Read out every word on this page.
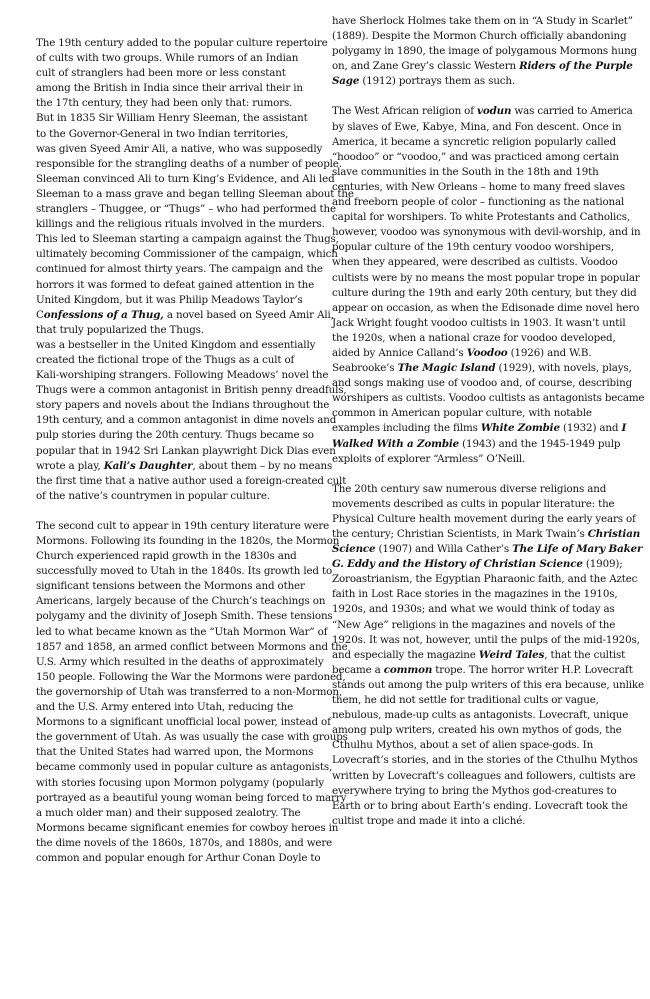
The 19th century added to the popular culture repertoire
of cults with two groups. While rumors of an Indian
cult of stranglers had been more or less constant
among the British in India since their arrival their in
the 17th century, they had been only that: rumors.
But in 1835 Sir William Henry Sleeman, the assistant
to the Governor-General in two Indian territories,
was given Syeed Amir Ali, a native, who was supposedly
responsible for the strangling deaths of a number of people.
Sleeman convinced Ali to turn King’s Evidence, and Ali led
Sleeman to a mass grave and began telling Sleeman about the
stranglers – Thuggee, or “Thugs” – who had performed the
killings and the religious rituals involved in the murders.
This led to Sleeman starting a campaign against the Thugs,
ultimately becoming Commissioner of the campaign, which
continued for almost thirty years. The campaign and the
horrors it was formed to defeat gained attention in the
United Kingdom, but it was Philip Meadows Taylor’s
Confessions of a Thug, a novel based on Syeed Amir Ali,
that truly popularized the Thugs.
was a bestseller in the United Kingdom and essentially
created the fictional trope of the Thugs as a cult of
Kali-worshiping strangers. Following Meadows’ novel the
Thugs were a common antagonist in British penny dreadfuls,
story papers and novels about the Indians throughout the
19th century, and a common antagonist in dime novels and
pulp stories during the 20th century. Thugs became so
popular that in 1942 Sri Lankan playwright Dick Dias even
wrote a play, Kali’s Daughter, about them – by no means
the first time that a native author used a foreign-created cult
of the native’s countrymen in popular culture.

The second cult to appear in 19th century literature were
Mormons. Following its founding in the 1820s, the Mormon
Church experienced rapid growth in the 1830s and
successfully moved to Utah in the 1840s. Its growth led to
significant tensions between the Mormons and other
Americans, largely because of the Church’s teachings on
polygamy and the divinity of Joseph Smith. These tensions
led to what became known as the “Utah Mormon War” of
1857 and 1858, an armed conflict between Mormons and the
U.S. Army which resulted in the deaths of approximately
150 people. Following the War the Mormons were pardoned,
the governorship of Utah was transferred to a non-Mormon,
and the U.S. Army entered into Utah, reducing the
Mormons to a significant unofficial local power, instead of
the government of Utah. As was usually the case with groups
that the United States had warred upon, the Mormons
became commonly used in popular culture as antagonists,
with stories focusing upon Mormon polygamy (popularly
portrayed as a beautiful young woman being forced to marry
a much older man) and their supposed zealotry. The
Mormons became significant enemies for cowboy heroes in
the dime novels of the 1860s, 1870s, and 1880s, and were
common and popular enough for Arthur Conan Doyle to

have Sherlock Holmes take them on in “A Study in Scarlet”
(1889). Despite the Mormon Church officially abandoning
polygamy in 1890, the image of polygamous Mormons hung
on, and Zane Grey’s classic Western Riders of the Purple
Sage (1912) portrays them as such.

The West African religion of vodun was carried to America
by slaves of Ewe, Kabye, Mina, and Fon descent. Once in
America, it became a syncretic religion popularly called
“hoodoo” or “voodoo,” and was practiced among certain
slave communities in the South in the 18th and 19th
centuries, with New Orleans – home to many freed slaves
and freeborn people of color – functioning as the national
capital for worshipers. To white Protestants and Catholics,
however, voodoo was synonymous with devil-worship, and in
popular culture of the 19th century voodoo worshipers,
when they appeared, were described as cultists. Voodoo
cultists were by no means the most popular trope in popular
culture during the 19th and early 20th century, but they did
appear on occasion, as when the Edisonade dime novel hero
Jack Wright fought voodoo cultists in 1903. It wasn’t until
the 1920s, when a national craze for voodoo developed,
aided by Annice Calland’s Voodoo (1926) and W.B.
Seabrooke’s The Magic Island (1929), with novels, plays,
and songs making use of voodoo and, of course, describing
worshipers as cultists. Voodoo cultists as antagonists became
common in American popular culture, with notable
examples including the films White Zombie (1932) and I
Walked With a Zombie (1943) and the 1945-1949 pulp
exploits of explorer “Armless” O’Neill.

The 20th century saw numerous diverse religions and
movements described as cults in popular literature: the
Physical Culture health movement during the early years of
the century; Christian Scientists, in Mark Twain’s Christian
Science (1907) and Willa Cather’s The Life of Mary Baker
G. Eddy and the History of Christian Science (1909);
Zoroastrianism, the Egyptian Pharaonic faith, and the Aztec
faith in Lost Race stories in the magazines in the 1910s,
1920s, and 1930s; and what we would think of today as
“New Age” religions in the magazines and novels of the
1920s. It was not, however, until the pulps of the mid-1920s,
and especially the magazine Weird Tales, that the cultist
became a common trope. The horror writer H.P. Lovecraft
stands out among the pulp writers of this era because, unlike
them, he did not settle for traditional cults or vague,
nebulous, made-up cults as antagonists. Lovecraft, unique
among pulp writers, created his own mythos of gods, the
Cthulhu Mythos, about a set of alien space-gods. In
Lovecraft’s stories, and in the stories of the Cthulhu Mythos
written by Lovecraft’s colleagues and followers, cultists are
everywhere trying to bring the Mythos god-creatures to
Earth or to bring about Earth’s ending. Lovecraft took the
cultist trope and made it into a cliché.
